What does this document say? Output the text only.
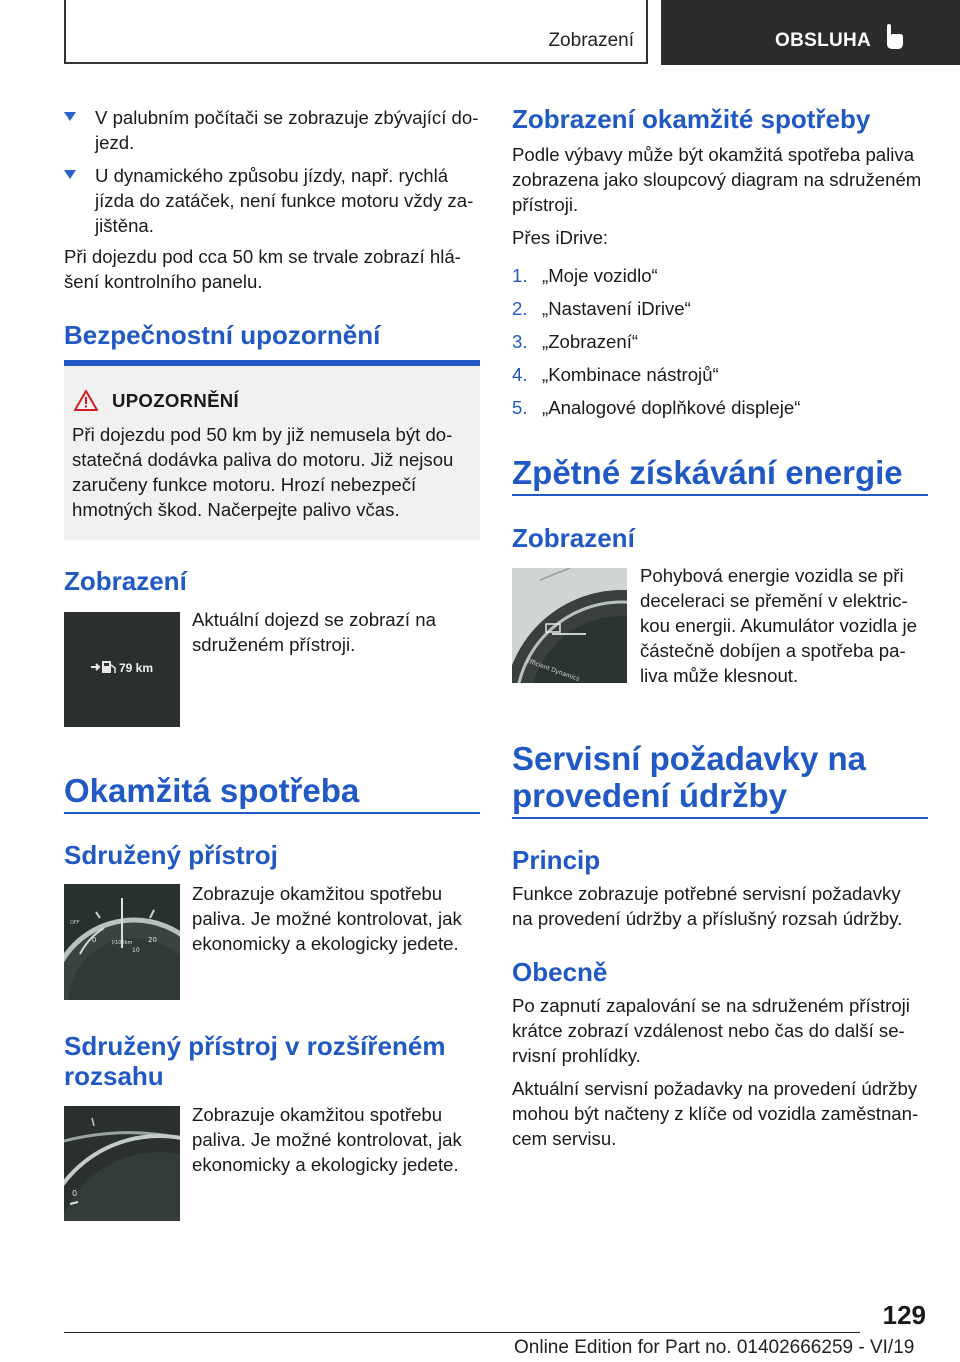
Zobrazení	OBSLUHA
V palubním počítači se zobrazuje zbývající do-
jezd.
U dynamického způsobu jízdy, např. rychlá
jízda do zatáček, není funkce motoru vždy za-
jištěna.

Při dojezdu pod cca 50 km se trvale zobrazí hlá-
šení kontrolního panelu.

Bezpečnostní upozornění
UPOZORNĚNÍ

Při dojezdu pod 50 km by již nemusela být do-
statečná dodávka paliva do motoru. Již nejsou
zaručeny funkce motoru. Hrozí nebezpečí
hmotných škod. Načerpejte palivo včas.

Zobrazení
79 km

Aktuální dojezd se zobrazí na
sdruženém přístroji.

Okamžitá spotřeba
Sdružený přístroj
0	20
l/100km
10
OFF

Zobrazuje okamžitou spotřebu
paliva. Je možné kontrolovat, jak
ekonomicky a ekologicky jedete.

Sdružený přístroj v rozšířeném
rozsahu
0

Zobrazuje okamžitou spotřebu
paliva. Je možné kontrolovat, jak
ekonomicky a ekologicky jedete.

Zobrazení okamžité spotřeby

Podle výbavy může být okamžitá spotřeba paliva
zobrazena jako sloupcový diagram na sdruženém
přístroji.

Přes iDrive:

1. „Moje vozidlo“
2. „Nastavení iDrive“
3. „Zobrazení“
4. „Kombinace nástrojů“
5. „Analogové doplňkové displeje“
Zpětné získávání energie
Zobrazení
Efficient Dynamics

Pohybová energie vozidla se při
deceleraci se přemění v elektric-
kou energii. Akumulátor vozidla je
částečně dobíjen a spotřeba pa-
liva může klesnout.

Servisní požadavky na
provedení údržby
Princip

Funkce zobrazuje potřebné servisní požadavky
na provedení údržby a příslušný rozsah údržby.

Obecně

Po zapnutí zapalování se na sdruženém přístroji
krátce zobrazí vzdálenost nebo čas do další se-
rvisní prohlídky.

Aktuální servisní požadavky na provedení údržby
mohou být načteny z klíče od vozidla zaměstnan-
cem servisu.

129
Online Edition for Part no. 01402666259 - VI/19
